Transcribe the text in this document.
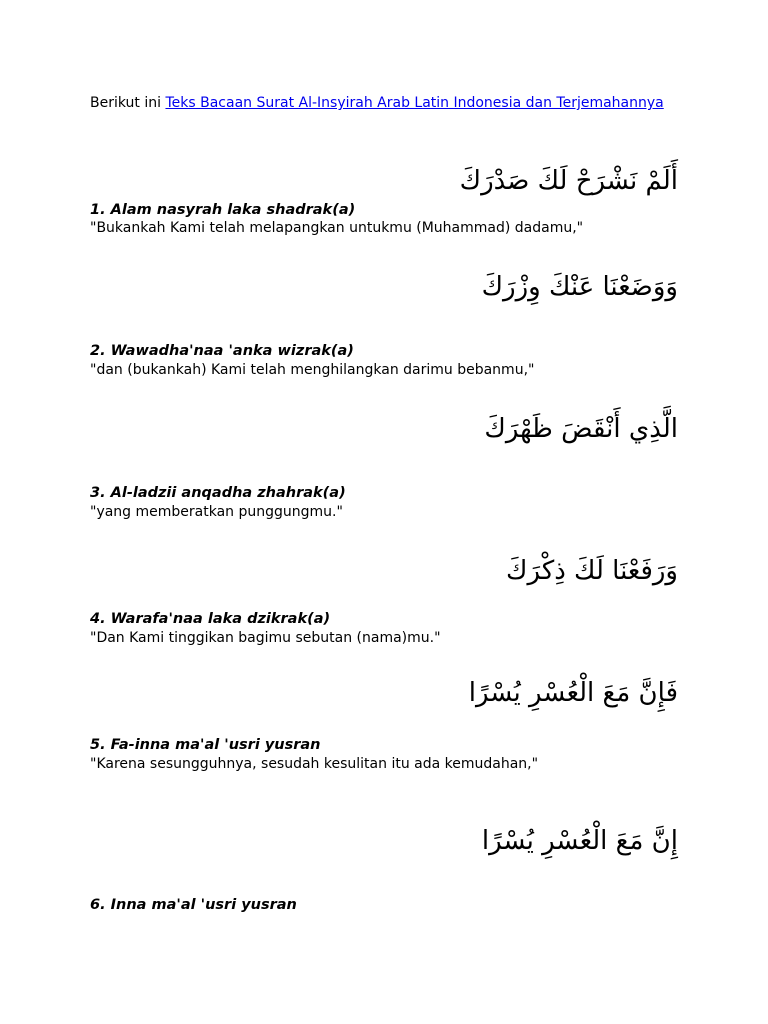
Berikut ini Teks Bacaan Surat Al-Insyirah Arab Latin Indonesia dan Terjemahannya

أَلَمْ نَشْرَحْ لَكَ صَدْرَكَ
1. Alam nasyrah laka shadrak(a)
"Bukankah Kami telah melapangkan untukmu (Muhammad) dadamu,"
وَوَضَعْنَا عَنْكَ وِزْرَكَ
2. Wawadha'naa 'anka wizrak(a)
"dan (bukankah) Kami telah menghilangkan darimu bebanmu,"
الَّذِي أَنْقَضَ ظَهْرَكَ
3. Al-ladzii anqadha zhahrak(a)
"yang memberatkan punggungmu."
وَرَفَعْنَا لَكَ ذِكْرَكَ
4. Warafa'naa laka dzikrak(a)
"Dan Kami tinggikan bagimu sebutan (nama)mu."
فَإِنَّ مَعَ الْعُسْرِ يُسْرًا
5. Fa-inna ma'al 'usri yusran
"Karena sesungguhnya, sesudah kesulitan itu ada kemudahan,"
إِنَّ مَعَ الْعُسْرِ يُسْرًا
6. Inna ma'al 'usri yusran
